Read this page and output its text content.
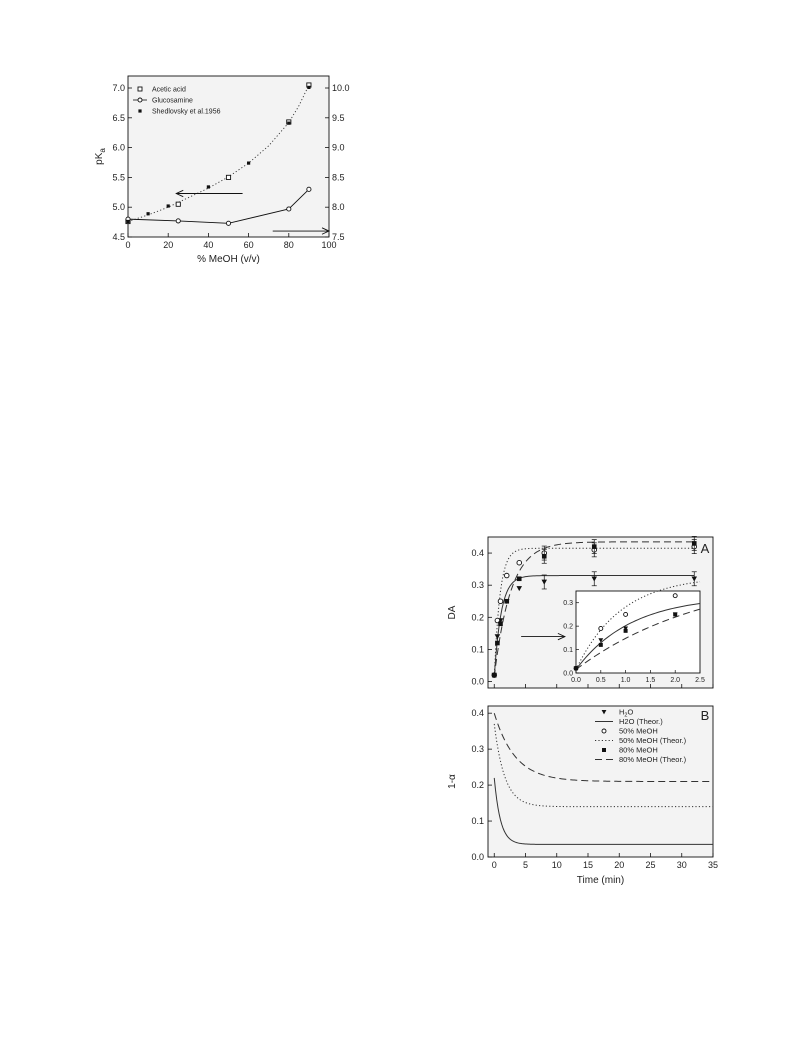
0	20	40	60	80	100
% MeOH (v/v)
4.5
5.0
5.5
6.0
6.5
7.0
7.5
8.0
8.5
9.0
9.5
10.0
$pK_a$
Acetic acid
Glucosamine
Shedlovsky et al.1956
0.0
0.1
0.2
0.3
0.4
DA
A
0.0 0.5 1.0 1.5 2.0 2.5
0.0
0.1
0.2
0.3
0	5	10 15 20 25 30 35
Time (min)
0.0
0.1
0.2
0.3
0.4
1-α
B
$H_2O$
H2O (Theor.)
50% MeOH
50% MeOH (Theor.)
80% MeOH
80% MeOH (Theor.)
